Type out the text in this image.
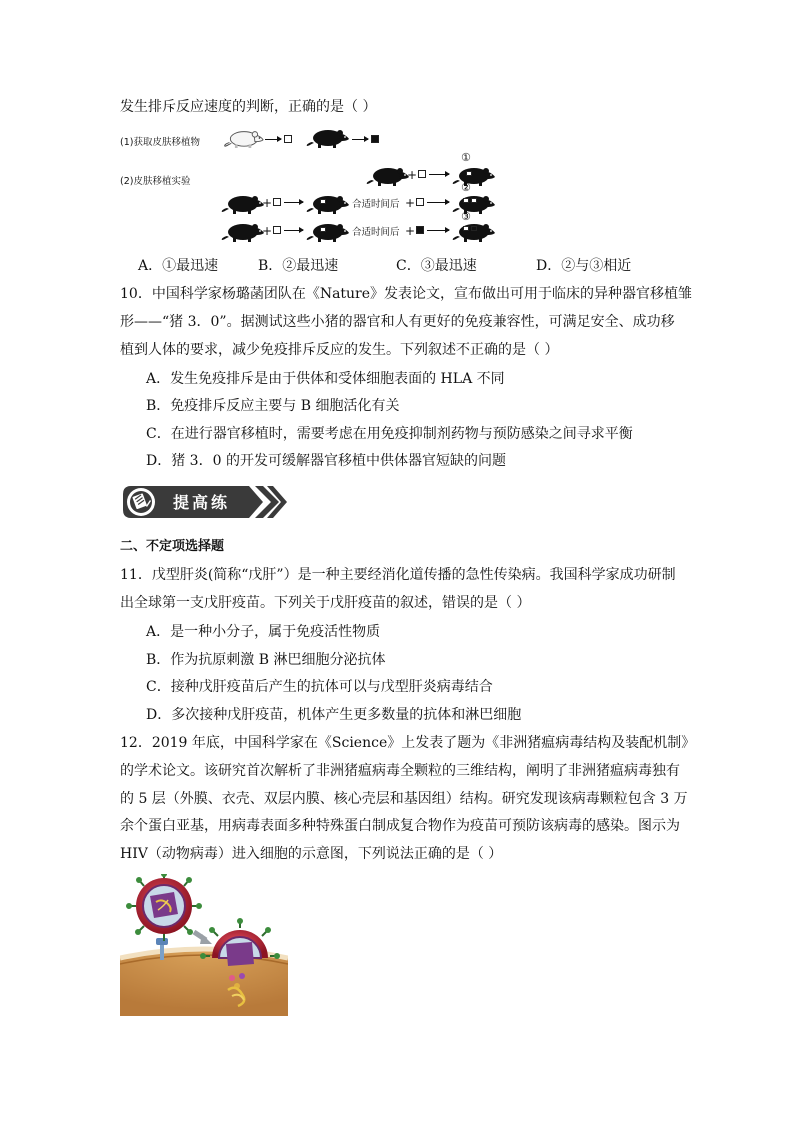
发生排斥反应速度的判断，正确的是（ ）
(1)获取皮肤移植物
(2)皮肤移植实验
①
+
②
+	合适时间后 +
③
+	合适时间后 +
A．①最迅速	B．②最迅速	C．③最迅速	D．②与③相近
10．中国科学家杨璐菡团队在《Nature》发表论文，宣布做出可用于临床的异种器官移植雏
形——“猪 3．0”。据测试这些小猪的器官和人有更好的免疫兼容性，可满足安全、成功移
植到人体的要求，减少免疫排斥反应的发生。下列叙述不正确的是（ ）
A．发生免疫排斥是由于供体和受体细胞表面的 HLA 不同
B．免疫排斥反应主要与 B 细胞活化有关
C．在进行器官移植时，需要考虑在用免疫抑制剂药物与预防感染之间寻求平衡
D．猪 3．0 的开发可缓解器官移植中供体器官短缺的问题
提高练
二、不定项选择题
11．戊型肝炎(简称“戊肝”）是一种主要经消化道传播的急性传染病。我国科学家成功研制
出全球第一支戊肝疫苗。下列关于戊肝疫苗的叙述，错误的是（ ）
A．是一种小分子，属于免疫活性物质
B．作为抗原刺激 B 淋巴细胞分泌抗体
C．接种戊肝疫苗后产生的抗体可以与戊型肝炎病毒结合
D．多次接种戊肝疫苗，机体产生更多数量的抗体和淋巴细胞
12．2019 年底，中国科学家在《Science》上发表了题为《非洲猪瘟病毒结构及装配机制》
的学术论文。该研究首次解析了非洲猪瘟病毒全颗粒的三维结构，阐明了非洲猪瘟病毒独有
的 5 层（外膜、衣壳、双层内膜、核心壳层和基因组）结构。研究发现该病毒颗粒包含 3 万
余个蛋白亚基，用病毒表面多种特殊蛋白制成复合物作为疫苗可预防该病毒的感染。图示为
HIV（动物病毒）进入细胞的示意图，下列说法正确的是（ ）
